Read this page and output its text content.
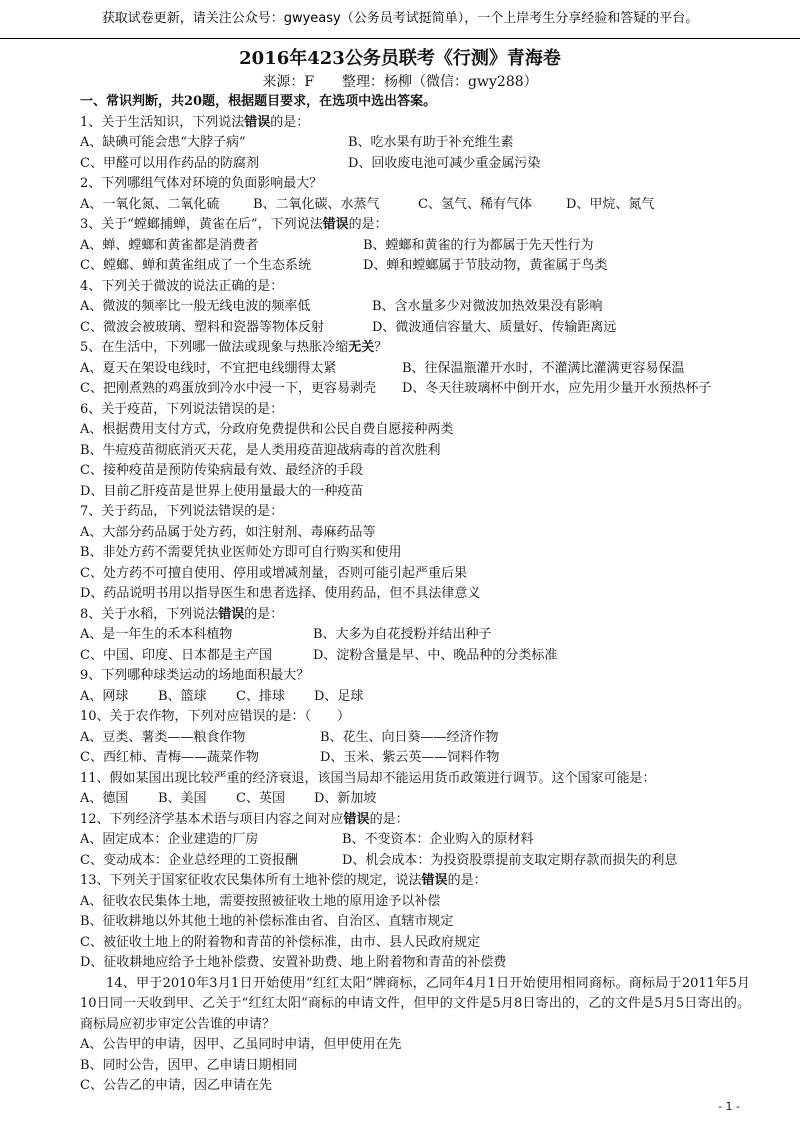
获取试卷更新，请关注公众号：gwyeasy（公务员考试挺简单），一个上岸考生分享经验和答疑的平台。
2016年423公务员联考《行测》青海卷
来源：F　　整理：杨柳（微信：gwy288）

一、常识判断，共20题，根据题目要求，在选项中选出答案。

1、关于生活知识，下列说法错误的是：

A、缺碘可能会患“大脖子病”	B、吃水果有助于补充维生素
C、甲醛可以用作药品的防腐剂	D、回收废电池可减少重金属污染

2、下列哪组气体对环境的负面影响最大？

A、一氧化氮、二氧化硫	B、二氧化碳、水蒸气	C、氢气、稀有气体	D、甲烷、氮气

3、关于“螳螂捕蝉，黄雀在后”，下列说法错误的是：

A、蝉、螳螂和黄雀都是消费者	B、螳螂和黄雀的行为都属于先天性行为
C、螳螂、蝉和黄雀组成了一个生态系统	D、蝉和螳螂属于节肢动物，黄雀属于鸟类

4、下列关于微波的说法正确的是：

A、微波的频率比一般无线电波的频率低	B、含水量多少对微波加热效果没有影响
C、微波会被玻璃、塑料和瓷器等物体反射	D、微波通信容量大、质量好、传输距离远

5、在生活中，下列哪一做法或现象与热胀冷缩无关？

A、夏天在架设电线时，不宜把电线绷得太紧	B、往保温瓶灌开水时，不灌满比灌满更容易保温
C、把刚煮熟的鸡蛋放到冷水中浸一下，更容易剥壳	D、冬天往玻璃杯中倒开水，应先用少量开水预热杯子

6、关于疫苗，下列说法错误的是：

A、根据费用支付方式，分政府免费提供和公民自费自愿接种两类

B、牛痘疫苗彻底消灭天花，是人类用疫苗迎战病毒的首次胜利

C、接种疫苗是预防传染病最有效、最经济的手段

D、目前乙肝疫苗是世界上使用量最大的一种疫苗

7、关于药品，下列说法错误的是：

A、大部分药品属于处方药，如注射剂、毒麻药品等

B、非处方药不需要凭执业医师处方即可自行购买和使用

C、处方药不可擅自使用、停用或增减剂量，否则可能引起严重后果

D、药品说明书用以指导医生和患者选择、使用药品，但不具法律意义

8、关于水稻，下列说法错误的是：

A、是一年生的禾本科植物	B、大多为自花授粉并结出种子
C、中国、印度、日本都是主产国	D、淀粉含量是早、中、晚品种的分类标准

9、下列哪种球类运动的场地面积最大？

A、网球	B、篮球	C、排球	D、足球

10、关于农作物，下列对应错误的是：（　　）

A、豆类、薯类——粮食作物	B、花生、向日葵——经济作物
C、西红柿、青梅——蔬菜作物	D、玉米、紫云英——饲料作物

11、假如某国出现比较严重的经济衰退，该国当局却不能运用货币政策进行调节。这个国家可能是：

A、德国	B、美国	C、英国	D、新加坡

12、下列经济学基本术语与项目内容之间对应错误的是：

A、固定成本：企业建造的厂房	B、不变资本：企业购入的原材料
C、变动成本：企业总经理的工资报酬	D、机会成本：为投资股票提前支取定期存款而损失的利息

13、下列关于国家征收农民集体所有土地补偿的规定，说法错误的是：

A、征收农民集体土地，需要按照被征收土地的原用途予以补偿

B、征收耕地以外其他土地的补偿标准由省、自治区、直辖市规定

C、被征收土地上的附着物和青苗的补偿标准，由市、县人民政府规定

D、征收耕地应给予土地补偿费、安置补助费、地上附着物和青苗的补偿费

14、甲于2010年3月1日开始使用“红红太阳”牌商标，乙同年4月1日开始使用相同商标。商标局于2011年5月10日同一天收到甲、乙关于“红红太阳”商标的申请文件，但甲的文件是5月8日寄出的，乙的文件是5月5日寄出的。商标局应初步审定公告谁的申请？

A、公告甲的申请，因甲、乙虽同时申请，但甲使用在先

B、同时公告，因甲、乙申请日期相同

C、公告乙的申请，因乙申请在先

- 1 -
